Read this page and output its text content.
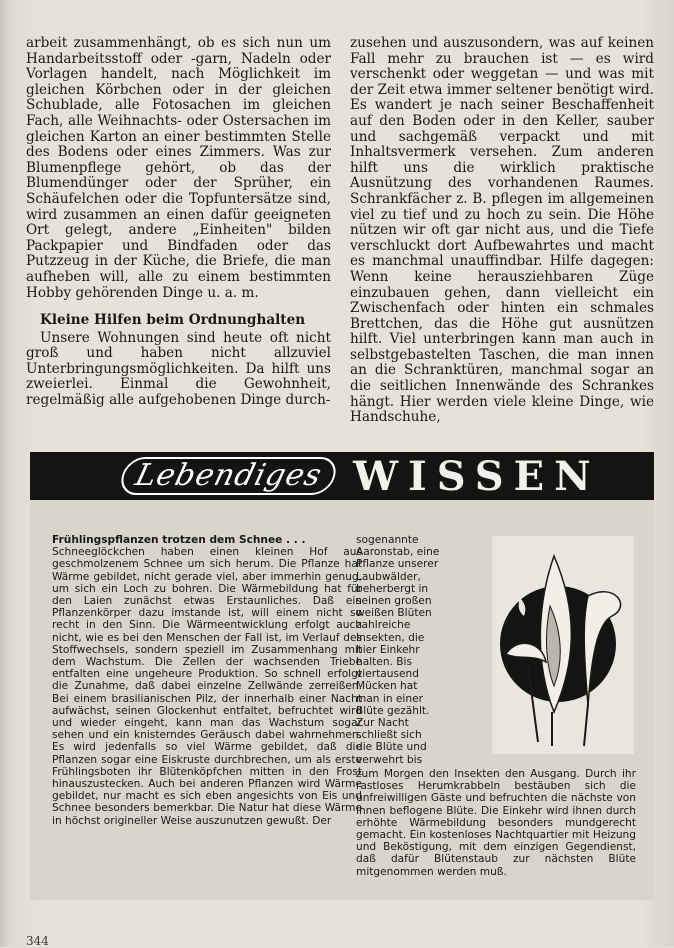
arbeit zusammenhängt, ob es sich nun um Handarbeitsstoff oder -garn, Nadeln oder Vorlagen handelt, nach Möglichkeit im gleichen Körbchen oder in der gleichen Schublade, alle Fotosachen im gleichen Fach, alle Weihnachts- oder Ostersachen im gleichen Karton an einer bestimmten Stelle des Bodens oder eines Zimmers. Was zur Blumenpflege gehört, ob das der Blumendünger oder der Sprüher, ein Schäufelchen oder die Topfuntersätze sind, wird zusammen an einen dafür geeigneten Ort gelegt, andere „Einheiten" bilden Packpapier und Bindfaden oder das Putzzeug in der Küche, die Briefe, die man aufheben will, alle zu einem bestimmten Hobby gehörenden Dinge u. a. m.

Kleine Hilfen beim Ordnunghalten

Unsere Wohnungen sind heute oft nicht groß und haben nicht allzuviel Unterbringungsmöglichkeiten. Da hilft uns zweierlei. Einmal die Gewohnheit, regelmäßig alle aufgehobenen Dinge durch-

zusehen und auszusondern, was auf keinen Fall mehr zu brauchen ist — es wird verschenkt oder weggetan — und was mit der Zeit etwa immer seltener benötigt wird. Es wandert je nach seiner Beschaffenheit auf den Boden oder in den Keller, sauber und sachgemäß verpackt und mit Inhaltsvermerk versehen. Zum anderen hilft uns die wirklich praktische Ausnützung des vorhandenen Raumes. Schrankfächer z. B. pflegen im allgemeinen viel zu tief und zu hoch zu sein. Die Höhe nützen wir oft gar nicht aus, und die Tiefe verschluckt dort Aufbewahrtes und macht es manchmal unauffindbar. Hilfe dagegen: Wenn keine herausziehbaren Züge einzubauen gehen, dann vielleicht ein Zwischenfach oder hinten ein schmales Brettchen, das die Höhe gut ausnützen hilft. Viel unterbringen kann man auch in selbstgebastelten Taschen, die man innen an die Schranktüren, manchmal sogar an die seitlichen Innenwände des Schrankes hängt. Hier werden viele kleine Dinge, wie Handschuhe,

Lebendiges WISSEN
Frühlingspflanzen trotzen dem Schnee . . .
Schneeglöckchen haben einen kleinen Hof aus geschmolzenem Schnee um sich herum. Die Pflanze hat Wärme gebildet, nicht gerade viel, aber immerhin genug, um sich ein Loch zu bohren. Die Wärmebildung hat für den Laien zunächst etwas Erstaunliches. Daß ein Pflanzenkörper dazu imstande ist, will einem nicht so recht in den Sinn. Die Wärmeentwicklung erfolgt auch nicht, wie es bei den Menschen der Fall ist, im Verlauf des Stoffwechsels, sondern speziell im Zusammenhang mit dem Wachstum. Die Zellen der wachsenden Triebe entfalten eine ungeheure Produktion. So schnell erfolgt die Zunahme, daß dabei einzelne Zellwände zerreißen. Bei einem brasilianischen Pilz, der innerhalb einer Nacht aufwächst, seinen Glockenhut entfaltet, befruchtet wird und wieder eingeht, kann man das Wachstum sogar sehen und ein knisterndes Geräusch dabei wahrnehmen. Es wird jedenfalls so viel Wärme gebildet, daß die Pflanzen sogar eine Eiskruste durchbrechen, um als erste Frühlingsboten ihr Blütenköpfchen mitten in den Frost hinauszustecken. Auch bei anderen Pflanzen wird Wärme gebildet, nur macht es sich eben angesichts von Eis und Schnee besonders bemerkbar. Die Natur hat diese Wärme in höchst origineller Weise auszunutzen gewußt. Der
sogenannte Aaronstab, eine Pflanze unserer Laubwälder, beherbergt in seinen großen weißen Blüten zahlreiche Insekten, die hier Einkehr halten. Bis viertausend Mücken hat man in einer Blüte gezählt. Zur Nacht schließt sich die Blüte und verwehrt bis
zum Morgen den Insekten den Ausgang. Durch ihr rastloses Herumkrabbeln bestäuben sich die unfreiwilligen Gäste und befruchten die nächste von ihnen beflogene Blüte. Die Einkehr wird ihnen durch erhöhte Wärmebildung besonders mundgerecht gemacht. Ein kostenloses Nachtquartier mit Heizung und Beköstigung, mit dem einzigen Gegendienst, daß dafür Blütenstaub zur nächsten Blüte mitgenommen werden muß.
344
